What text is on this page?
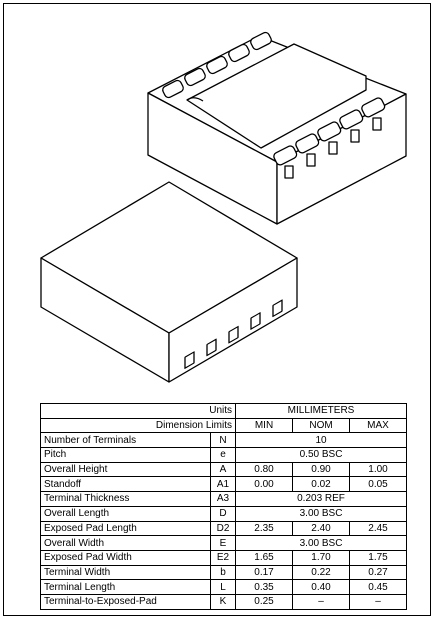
Units		MILLIMETERS		
Dimension Limits		MIN	NOM	MAX
Number of Terminals	N	10		
Pitch	e	0.50 BSC		
Overall Height	A	0.80	0.90	1.00
Standoff	A1	0.00	0.02	0.05
Terminal Thickness	A3	0.203 REF		
Overall Length	D	3.00 BSC		
Exposed Pad Length	D2	2.35	2.40	2.45
Overall Width	E	3.00 BSC		
Exposed Pad Width	E2	1.65	1.70	1.75
Terminal Width	b	0.17	0.22	0.27
Terminal Length	L	0.35	0.40	0.45
Terminal-to-Exposed-Pad	K	0.25	–	–
